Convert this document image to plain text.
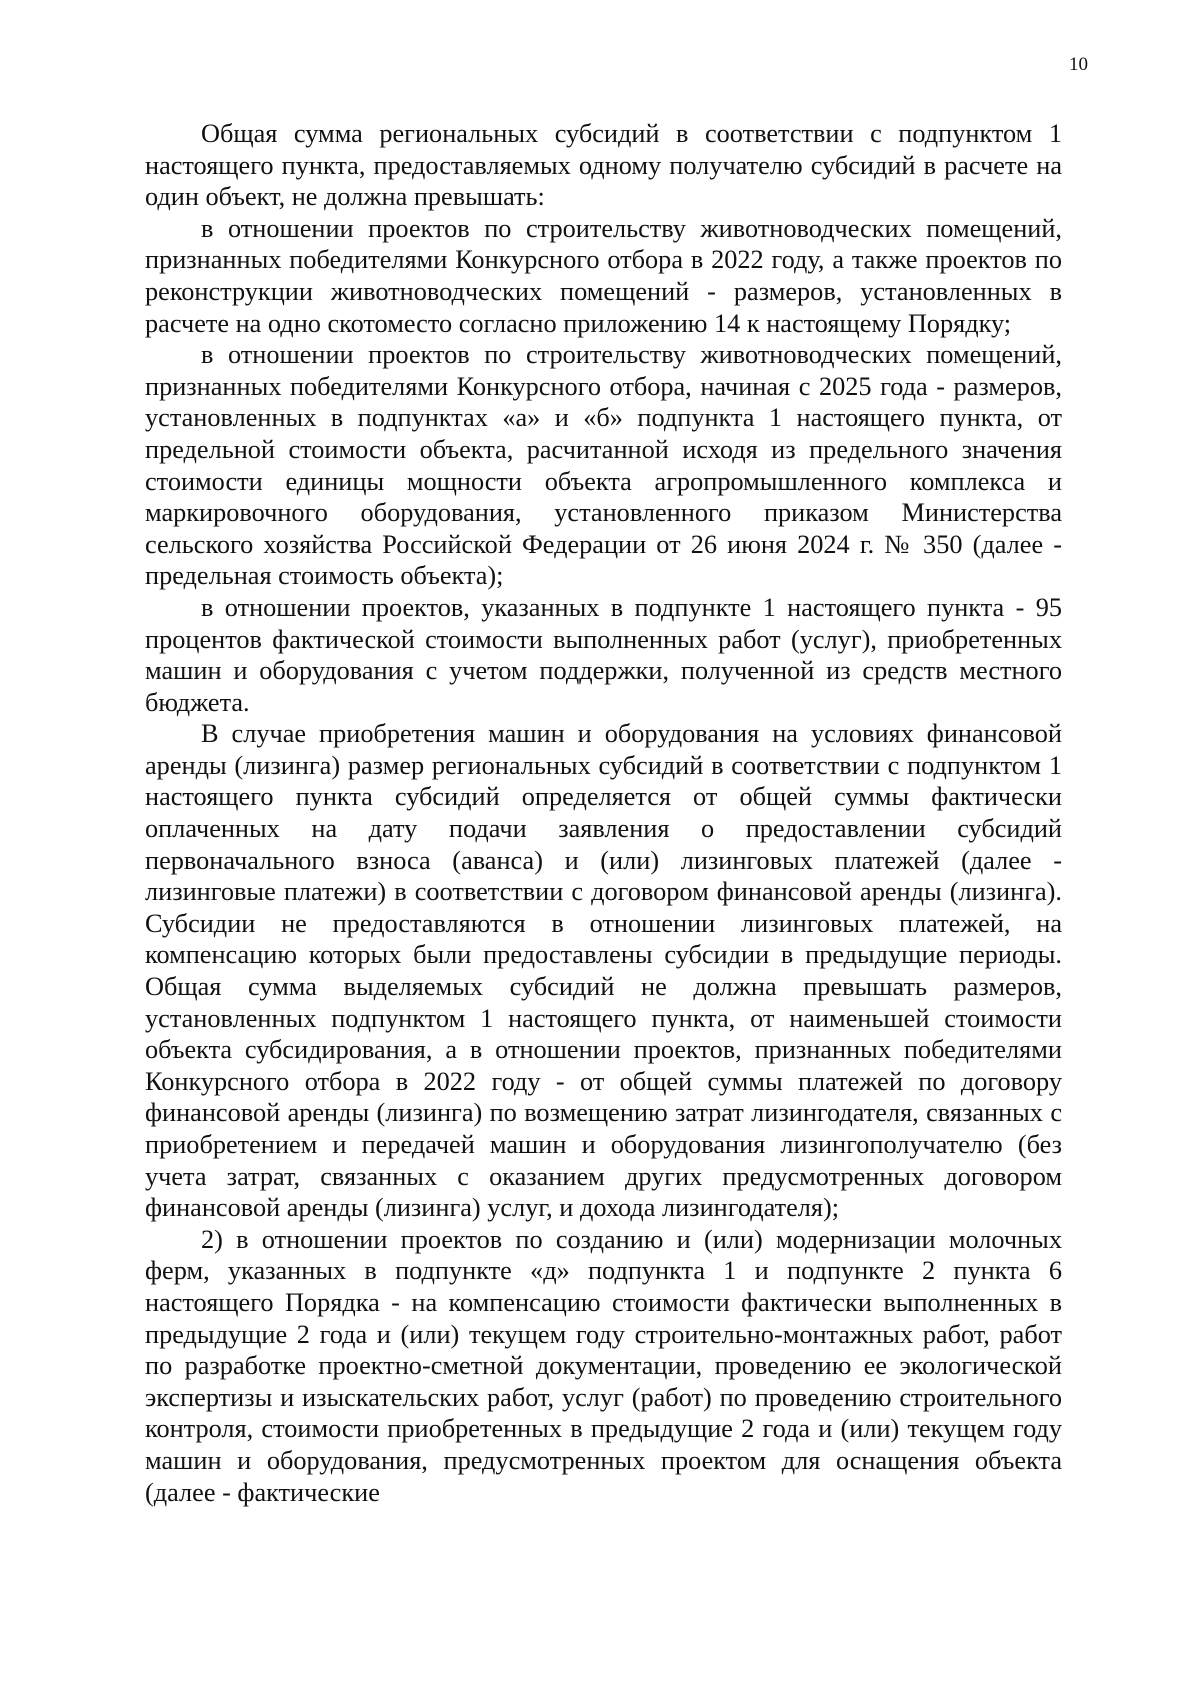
10

Общая сумма региональных субсидий в соответствии с подпунктом 1 настоящего пункта, предоставляемых одному получателю субсидий в расчете на один объект, не должна превышать:

в отношении проектов по строительству животноводческих помещений, признанных победителями Конкурсного отбора в 2022 году, а также проектов по реконструкции животноводческих помещений - размеров, установленных в расчете на одно скотоместо согласно приложению 14 к настоящему Порядку;

в отношении проектов по строительству животноводческих помещений, признанных победителями Конкурсного отбора, начиная с 2025 года - размеров, установленных в подпунктах «а» и «б» подпункта 1 настоящего пункта, от предельной стоимости объекта, расчитанной исходя из предельного значения стоимости единицы мощности объекта агропромышленного комплекса и маркировочного оборудования, установленного приказом Министерства сельского хозяйства Российской Федерации от 26 июня 2024 г. № 350 (далее - предельная стоимость объекта);

в отношении проектов, указанных в подпункте 1 настоящего пункта - 95 процентов фактической стоимости выполненных работ (услуг), приобретенных машин и оборудования с учетом поддержки, полученной из средств местного бюджета.

В случае приобретения машин и оборудования на условиях финансовой аренды (лизинга) размер региональных субсидий в соответствии с подпунктом 1 настоящего пункта субсидий определяется от общей суммы фактически оплаченных на дату подачи заявления о предоставлении субсидий первоначального взноса (аванса) и (или) лизинговых платежей (далее - лизинговые платежи) в соответствии с договором финансовой аренды (лизинга). Субсидии не предоставляются в отношении лизинговых платежей, на компенсацию которых были предоставлены субсидии в предыдущие периоды. Общая сумма выделяемых субсидий не должна превышать размеров, установленных подпунктом 1 настоящего пункта, от наименьшей стоимости объекта субсидирования, а в отношении проектов, признанных победителями Конкурсного отбора в 2022 году - от общей суммы платежей по договору финансовой аренды (лизинга) по возмещению затрат лизингодателя, связанных с приобретением и передачей машин и оборудования лизингополучателю (без учета затрат, связанных с оказанием других предусмотренных договором финансовой аренды (лизинга) услуг, и дохода лизингодателя);

2) в отношении проектов по созданию и (или) модернизации молочных ферм, указанных в подпункте «д» подпункта 1 и подпункте 2 пункта 6 настоящего Порядка - на компенсацию стоимости фактически выполненных в предыдущие 2 года и (или) текущем году строительно-монтажных работ, работ по разработке проектно-сметной документации, проведению ее экологической экспертизы и изыскательских работ, услуг (работ) по проведению строительного контроля, стоимости приобретенных в предыдущие 2 года и (или) текущем году машин и оборудования, предусмотренных проектом для оснащения объекта (далее - фактические
